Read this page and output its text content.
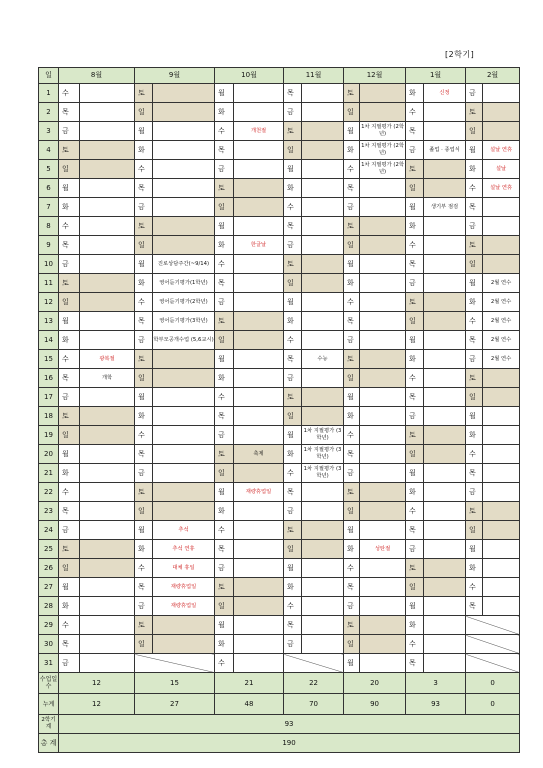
[2학기]
일	8월		9월		10월		11월		12월		1월		2월	
1	수		토		월		목		토		화	신정	금	
2	목		일		화		금		일		수		토	
3	금		월		수	개천절	토		월	1차 지필평가 (2학년)	목		일	
4	토		화		목		일		화	1차 지필평가 (2학년)	금	졸업 · 종업식	월	설날 연휴
5	일		수		금		월		수	1차 지필평가 (2학년)	토		화	설날
6	월		목		토		화		목		일		수	설날 연휴
7	화		금		일		수		금		월	생기부 점검	목	
8	수		토		월		목		토		화		금	
9	목		일		화	한글날	금		일		수		토	
10	금		월	진로상담주간(~9/14)	수		토		월		목		일	
11	토		화	영어듣기평가(1학년)	목		일		화		금		월	2월 연수
12	일		수	영어듣기평가(2학년)	금		월		수		토		화	2월 연수
13	월		목	영어듣기평가(3학년)	토		화		목		일		수	2월 연수
14	화		금	학부모공개수업 (5,6교시)	일		수		금		월		목	2월 연수
15	수	광복절	토		월		목	수능	토		화		금	2월 연수
16	목	개학	일		화		금		일		수		토	
17	금		월		수		토		월		목		일	
18	토		화		목		일		화		금		월	
19	일		수		금		월	1차 지필평가 (3학년)	수		토		화	
20	월		목		토	축제	화	1차 지필평가 (3학년)	목		일		수	
21	화		금		일		수	1차 지필평가 (3학년)	금		월		목	
22	수		토		월	재량휴업일	목		토		화		금	
23	목		일		화		금		일		수		토	
24	금		월	추석	수		토		월		목		일	
25	토		화	추석 연휴	목		일		화	성탄절	금		월	
26	일		수	대체 휴일	금		월		수		토		화	
27	월		목	재량휴업일	토		화		목		일		수	
28	화		금	재량휴업일	일		수		금		월		목	
29	수		토		월		목		토		화			
30	목		일		화		금		일		수			
31	금				수				월		목			
수업일수	12		15		21		22		20		3		0	
누계	12		27		48		70		90		93		0	
2학기계	93													
총 계	190													
